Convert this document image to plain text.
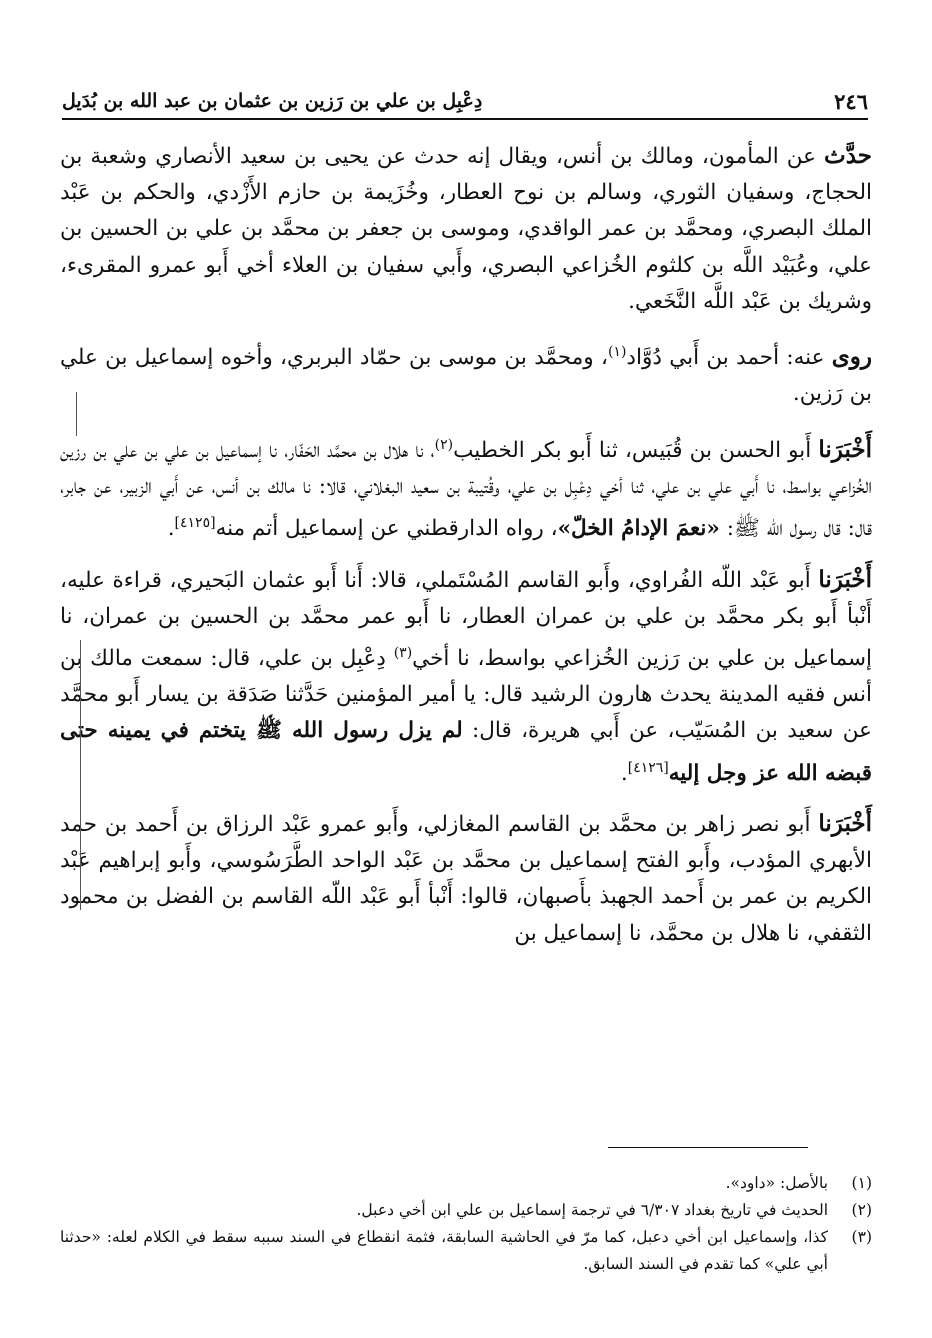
٢٤٦
دِعْبِل بن علي بن رَزين بن عثمان بن عبد الله بن بُدَيل

حدَّث عن المأمون، ومالك بن أنس، ويقال إنه حدث عن يحيى بن سعيد الأنصاري وشعبة بن الحجاج، وسفيان الثوري، وسالم بن نوح العطار، وخُزَيمة بن حازم الأَزْدي، والحكم بن عَبْد الملك البصري، ومحمَّد بن عمر الواقدي، وموسى بن جعفر بن محمَّد بن علي بن الحسين بن علي، وعُبَيْد اللَّه بن كلثوم الخُزاعي البصري، وأَبي سفيان بن العلاء أخي أَبو عمرو المقرىء، وشريك بن عَبْد اللَّه النَّخَعي.

روى عنه: أحمد بن أَبي دُوَّاد$^{(١)}$، ومحمَّد بن موسى بن حمّاد البربري، وأخوه إسماعيل بن علي بن رَزين.

أَخْبَرَنا أَبو الحسن بن قُبَيس، ثنا أَبو بكر الخطيب$^{(٢)}$، نا هلال بن محمَّد الحَفّار، نا إسماعيل بن علي بن علي بن رزين الخُزاعي بواسط، نا أَبي علي بن علي، ثنا أخي دِعْبِل بن علي، وقُتيبة بن سعيد البغلاني، قالا: نا مالك بن أنس، عن أَبي الزبير، عن جابر، قال: قال رسول الله ﷺ: «نعمَ الإدامُ الخلّ»، رواه الدارقطني عن إسماعيل أتم منه[٤١٢٥].

أَخْبَرَنا أَبو عَبْد اللّه الفُراوي، وأَبو القاسم المُسْتَملي، قالا: أَنا أَبو عثمان البَحيري، قراءة عليه، أَنْبأ أَبو بكر محمَّد بن علي بن عمران العطار، نا أَبو عمر محمَّد بن الحسين بن عمران، نا إسماعيل بن علي بن رَزين الخُزاعي بواسط، نا أخي$^{(٣)}$ دِعْبِل بن علي، قال: سمعت مالك بن أنس فقيه المدينة يحدث هارون الرشيد قال: يا أمير المؤمنين حَدَّثنا صَدَقة بن يسار أَبو محمَّد عن سعيد بن المُسَيّب، عن أَبي هريرة، قال: لم يزل رسول الله ﷺ يتختم في يمينه حتى قبضه الله عز وجل إليه[٤١٢٦].

أَخْبَرَنا أَبو نصر زاهر بن محمَّد بن القاسم المغازلي، وأَبو عمرو عَبْد الرزاق بن أَحمد بن حمد الأبهري المؤدب، وأَبو الفتح إسماعيل بن محمَّد بن عَبْد الواحد الطَّرَسُوسي، وأَبو إبراهيم عَبْد الكريم بن عمر بن أَحمد الجهبذ بأَصبهان، قالوا: أَنْبأ أَبو عَبْد اللّه القاسم بن الفضل بن محمود الثقفي، نا هلال بن محمَّد، نا إسماعيل بن

(١)
بالأصل: «داود».
(٢)
الحديث في تاريخ بغداد ٦/٣٠٧ في ترجمة إسماعيل بن علي ابن أخي دعبل.
(٣)
كذا، وإسماعيل ابن أخي دعبل، كما مرّ في الحاشية السابقة، فثمة انقطاع في السند سببه سقط في الكلام لعله: «حدثنا أبي علي» كما تقدم في السند السابق.
